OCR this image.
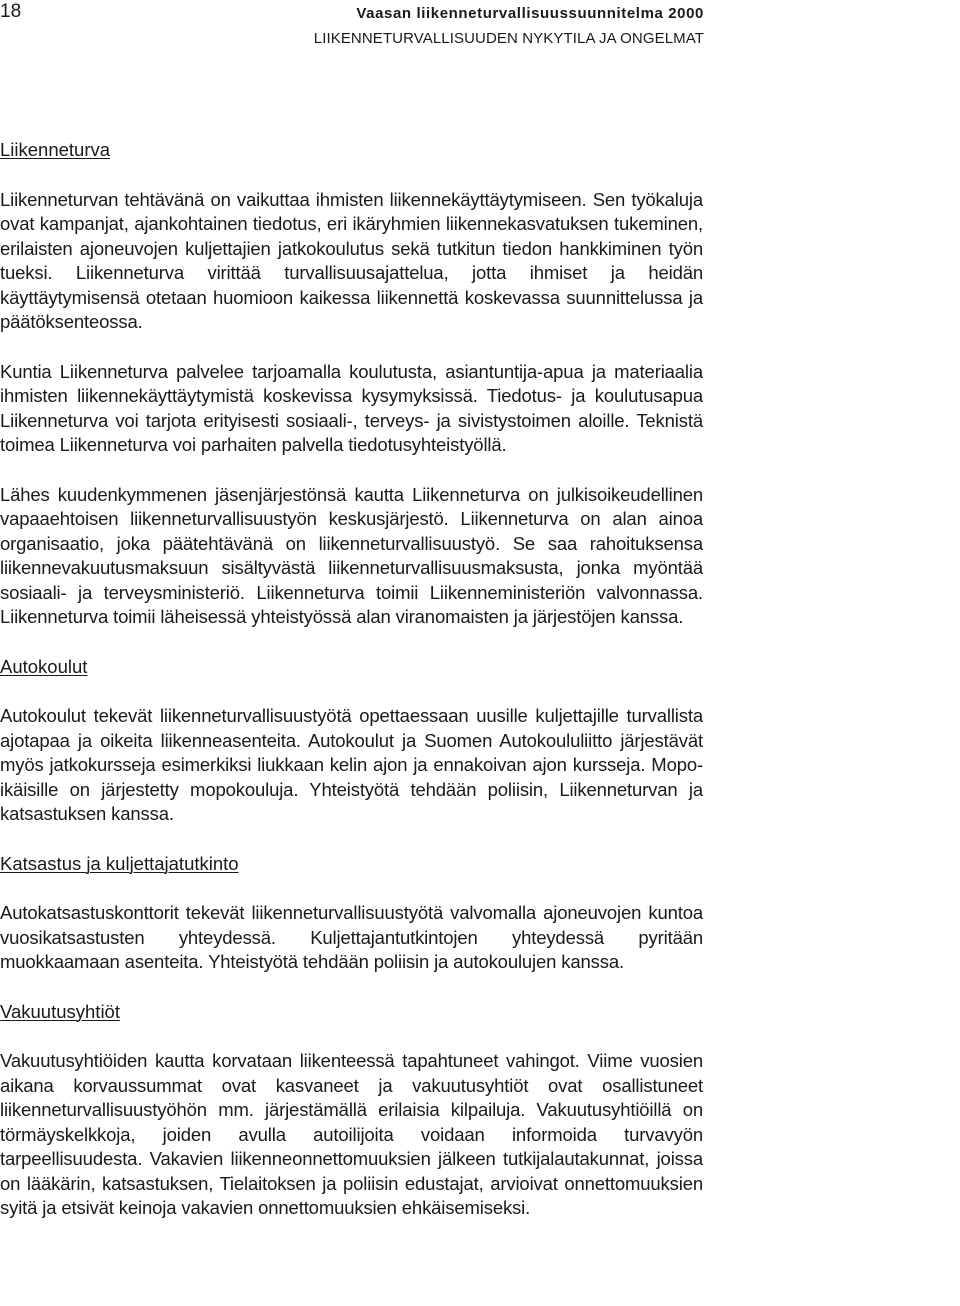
18	Vaasan liikenneturvallisuussuunnitelma 2000
LIIKENNETURVALLISUUDEN NYKYTILA JA ONGELMAT
Liikenneturva

Liikenneturvan tehtävänä on vaikuttaa ihmisten liikennekäyttäytymiseen. Sen työkaluja ovat kampanjat, ajankohtainen tiedotus, eri ikäryhmien liikennekasvatuksen tukeminen, erilaisten ajoneuvojen kuljettajien jatkokoulutus sekä tutkitun tiedon hankkiminen työn tueksi. Liikenneturva virittää turvallisuusajattelua, jotta ihmiset ja heidän käyttäytymisensä otetaan huomioon kaikessa liikennettä koskevassa suunnittelussa ja päätöksenteossa.

Kuntia Liikenneturva palvelee tarjoamalla koulutusta, asiantuntija-apua ja materiaalia ihmisten liikennekäyttäytymistä koskevissa kysymyksissä. Tiedotus- ja koulutusapua Liikenneturva voi tarjota erityisesti sosiaali-, terveys- ja sivistystoimen aloille. Teknistä toimea Liikenneturva voi parhaiten palvella tiedotusyhteistyöllä.

Lähes kuudenkymmenen jäsenjärjestönsä kautta Liikenneturva on julkisoikeudellinen vapaaehtoisen liikenneturvallisuustyön keskusjärjestö. Liikenneturva on alan ainoa organisaatio, joka päätehtävänä on liikenneturvallisuustyö. Se saa rahoituksensa liikennevakuutusmaksuun sisältyvästä liikenneturvallisuusmaksusta, jonka myöntää sosiaali- ja terveysministeriö. Liikenneturva toimii Liikenneministeriön valvonnassa. Liikenneturva toimii läheisessä yhteistyössä alan viranomaisten ja järjestöjen kanssa.

Autokoulut

Autokoulut tekevät liikenneturvallisuustyötä opettaessaan uusille kuljettajille turvallista ajotapaa ja oikeita liikenneasenteita. Autokoulut ja Suomen Autokoululiitto järjestävät myös jatkokursseja esimerkiksi liukkaan kelin ajon ja ennakoivan ajon kursseja. Mopo-ikäisille on järjestetty mopokouluja. Yhteistyötä tehdään poliisin, Liikenneturvan ja katsastuksen kanssa.

Katsastus ja kuljettajatutkinto

Autokatsastuskonttorit tekevät liikenneturvallisuustyötä valvomalla ajoneuvojen kuntoa vuosikatsastusten yhteydessä. Kuljettajantutkintojen yhteydessä pyritään muokkaamaan asenteita. Yhteistyötä tehdään poliisin ja autokoulujen kanssa.

Vakuutusyhtiöt

Vakuutusyhtiöiden kautta korvataan liikenteessä tapahtuneet vahingot. Viime vuosien aikana korvaussummat ovat kasvaneet ja vakuutusyhtiöt ovat osallistuneet liikenneturvallisuustyöhön mm. järjestämällä erilaisia kilpailuja. Vakuutusyhtiöillä on törmäyskelkkoja, joiden avulla autoilijoita voidaan informoida turvavyön tarpeellisuudesta. Vakavien liikenneonnettomuuksien jälkeen tutkijalautakunnat, joissa on lääkärin, katsastuksen, Tielaitoksen ja poliisin edustajat, arvioivat onnettomuuksien syitä ja etsivät keinoja vakavien onnettomuuksien ehkäisemiseksi.
